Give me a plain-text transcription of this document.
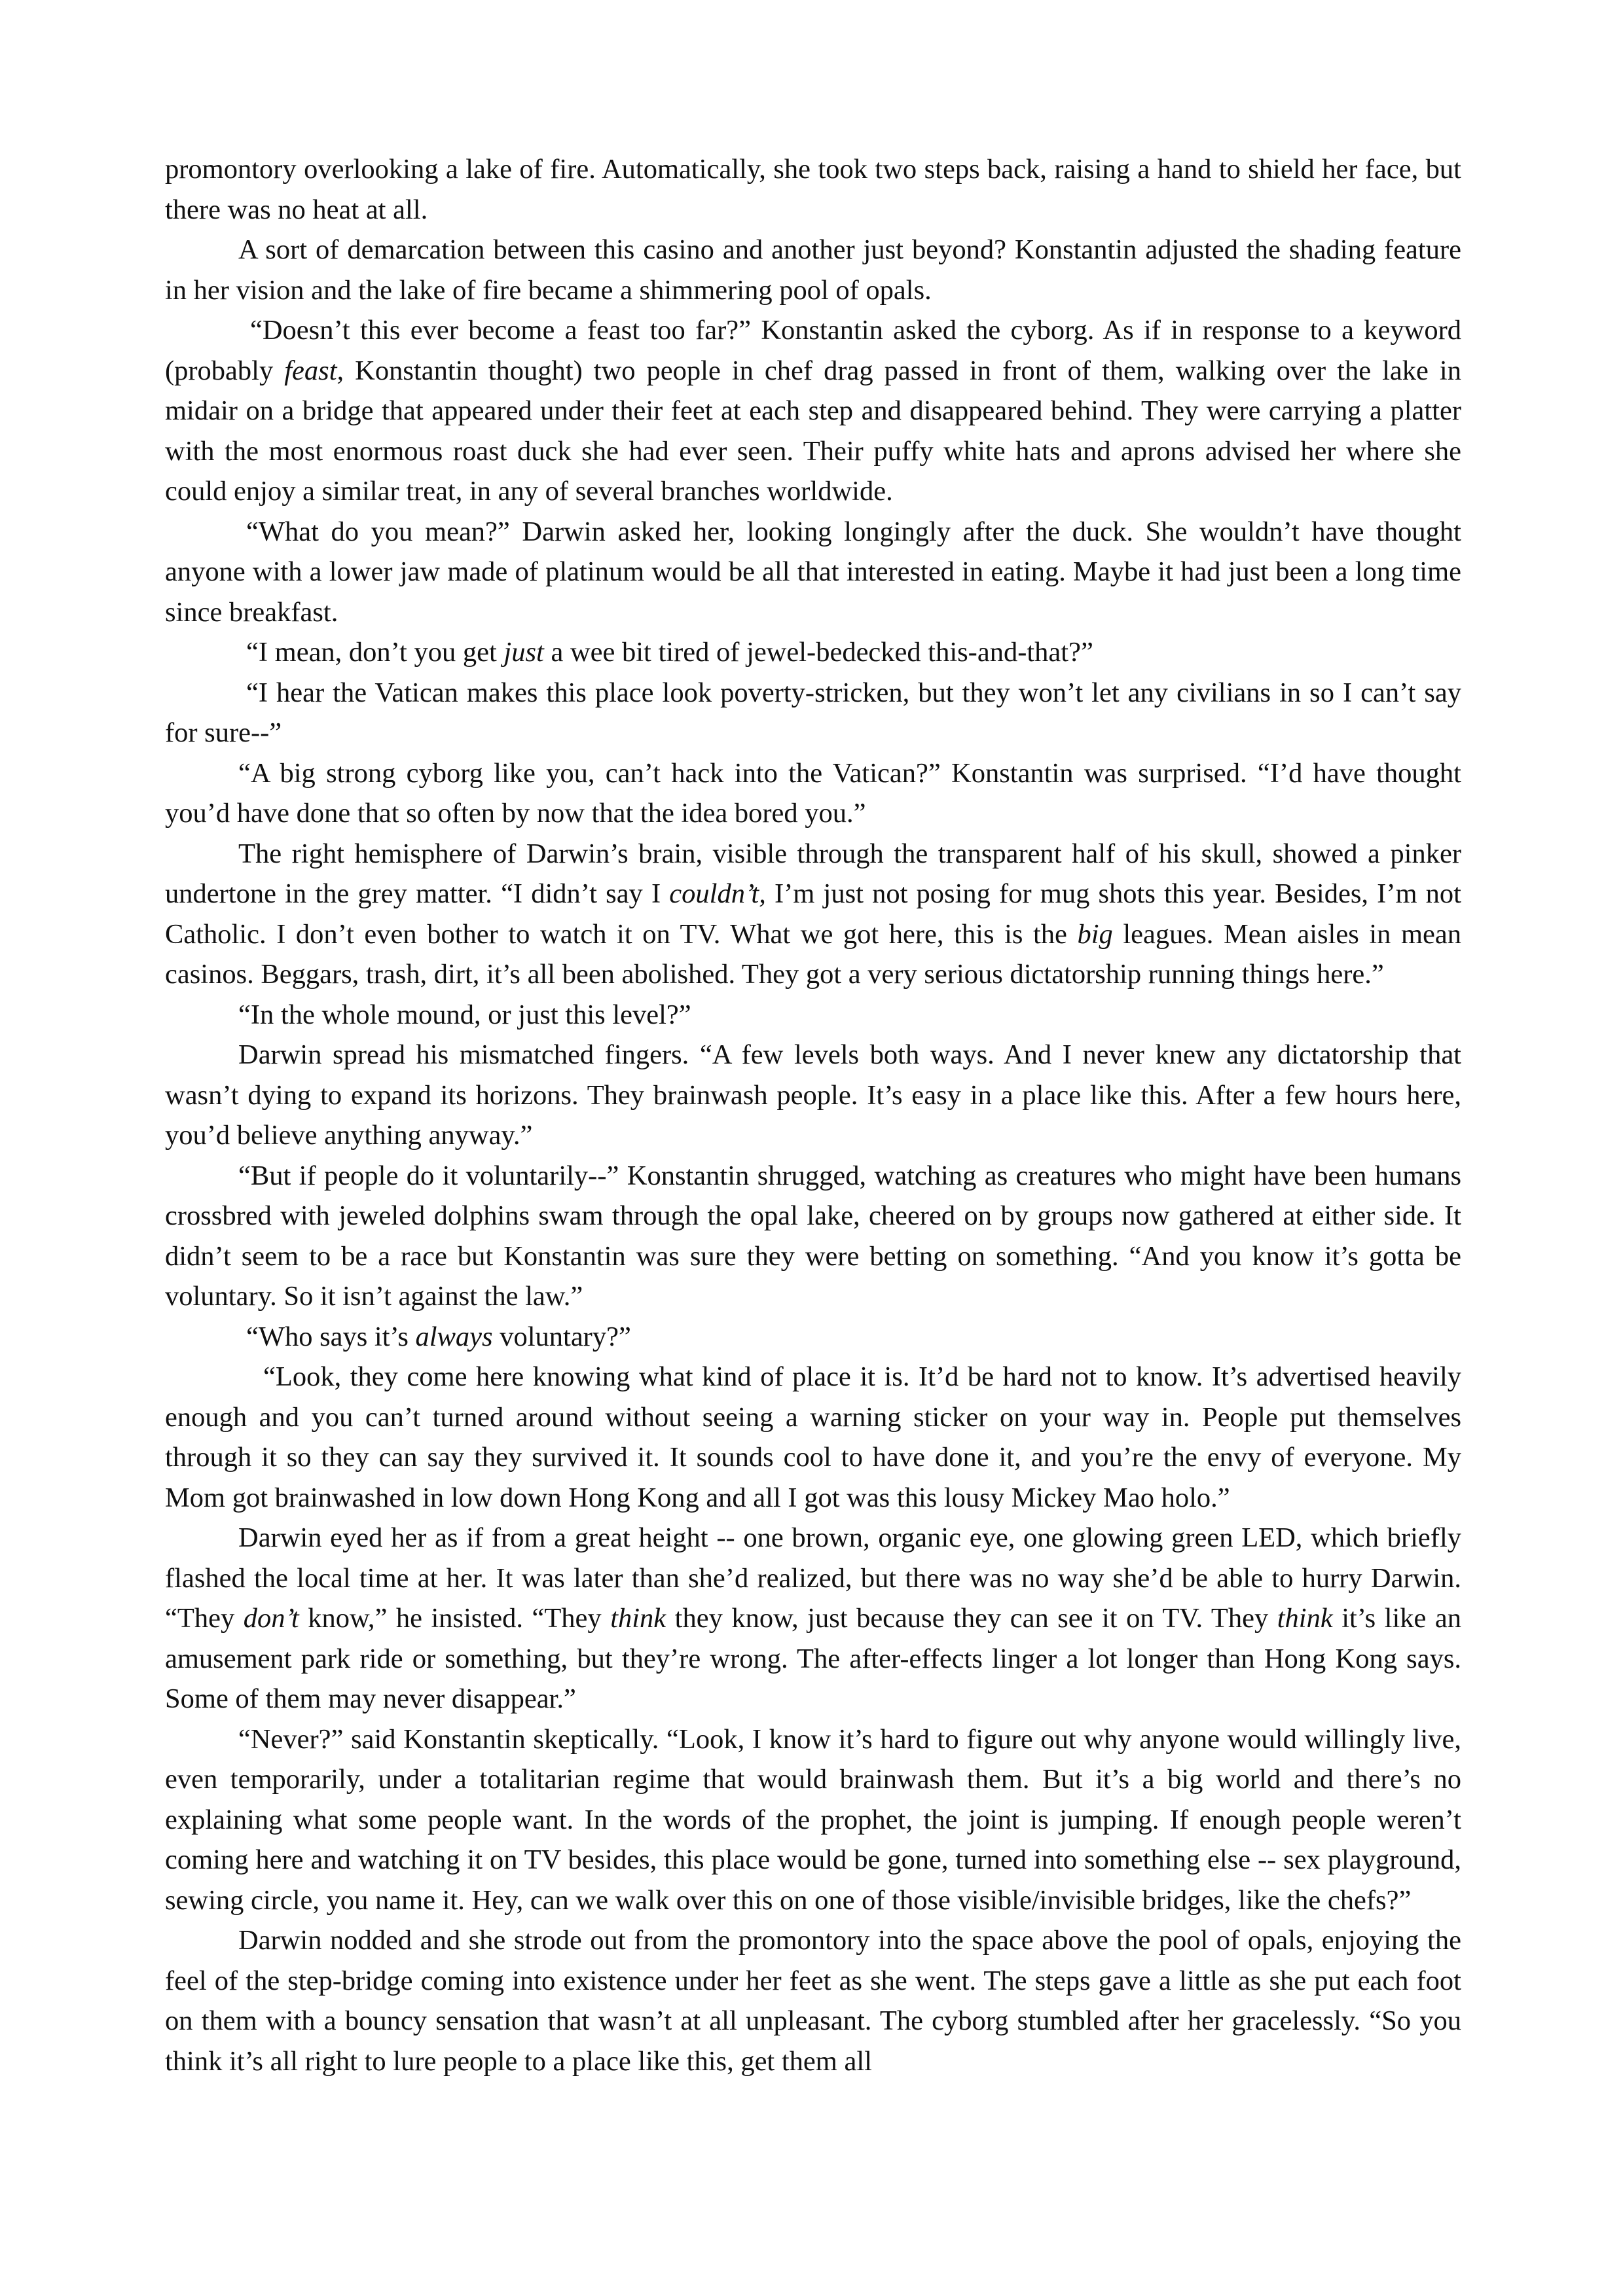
promontory overlooking a lake of fire. Automatically, she took two steps back, raising a hand to shield her face, but there was no heat at all.

A sort of demarcation between this casino and another just beyond? Konstantin adjusted the shading feature in her vision and the lake of fire became a shimmering pool of opals.

“Doesn’t this ever become a feast too far?” Konstantin asked the cyborg. As if in response to a keyword (probably feast, Konstantin thought) two people in chef drag passed in front of them, walking over the lake in midair on a bridge that appeared under their feet at each step and disappeared behind. They were carrying a platter with the most enormous roast duck she had ever seen. Their puffy white hats and aprons advised her where she could enjoy a similar treat, in any of several branches worldwide.

“What do you mean?” Darwin asked her, looking longingly after the duck. She wouldn’t have thought anyone with a lower jaw made of platinum would be all that interested in eating. Maybe it had just been a long time since breakfast.

“I mean, don’t you get just a wee bit tired of jewel-bedecked this-and-that?”

“I hear the Vatican makes this place look poverty-stricken, but they won’t let any civilians in so I can’t say for sure--”

“A big strong cyborg like you, can’t hack into the Vatican?” Konstantin was surprised. “I’d have thought you’d have done that so often by now that the idea bored you.”

The right hemisphere of Darwin’s brain, visible through the transparent half of his skull, showed a pinker undertone in the grey matter. “I didn’t say I couldn’t, I’m just not posing for mug shots this year. Besides, I’m not Catholic. I don’t even bother to watch it on TV. What we got here, this is the big leagues. Mean aisles in mean casinos. Beggars, trash, dirt, it’s all been abolished. They got a very serious dictatorship running things here.”

“In the whole mound, or just this level?”

Darwin spread his mismatched fingers. “A few levels both ways. And I never knew any dictatorship that wasn’t dying to expand its horizons. They brainwash people. It’s easy in a place like this. After a few hours here, you’d believe anything anyway.”

“But if people do it voluntarily--” Konstantin shrugged, watching as creatures who might have been humans crossbred with jeweled dolphins swam through the opal lake, cheered on by groups now gathered at either side. It didn’t seem to be a race but Konstantin was sure they were betting on something. “And you know it’s gotta be voluntary. So it isn’t against the law.”

“Who says it’s always voluntary?”

“Look, they come here knowing what kind of place it is. It’d be hard not to know. It’s advertised heavily enough and you can’t turned around without seeing a warning sticker on your way in. People put themselves through it so they can say they survived it. It sounds cool to have done it, and you’re the envy of everyone. My Mom got brainwashed in low down Hong Kong and all I got was this lousy Mickey Mao holo.”

Darwin eyed her as if from a great height -- one brown, organic eye, one glowing green LED, which briefly flashed the local time at her. It was later than she’d realized, but there was no way she’d be able to hurry Darwin. “They don’t know,” he insisted. “They think they know, just because they can see it on TV. They think it’s like an amusement park ride or something, but they’re wrong. The after-effects linger a lot longer than Hong Kong says. Some of them may never disappear.”

“Never?” said Konstantin skeptically. “Look, I know it’s hard to figure out why anyone would willingly live, even temporarily, under a totalitarian regime that would brainwash them. But it’s a big world and there’s no explaining what some people want. In the words of the prophet, the joint is jumping. If enough people weren’t coming here and watching it on TV besides, this place would be gone, turned into something else -- sex playground, sewing circle, you name it. Hey, can we walk over this on one of those visible/invisible bridges, like the chefs?”

Darwin nodded and she strode out from the promontory into the space above the pool of opals, enjoying the feel of the step-bridge coming into existence under her feet as she went. The steps gave a little as she put each foot on them with a bouncy sensation that wasn’t at all unpleasant. The cyborg stumbled after her gracelessly. “So you think it’s all right to lure people to a place like this, get them all
